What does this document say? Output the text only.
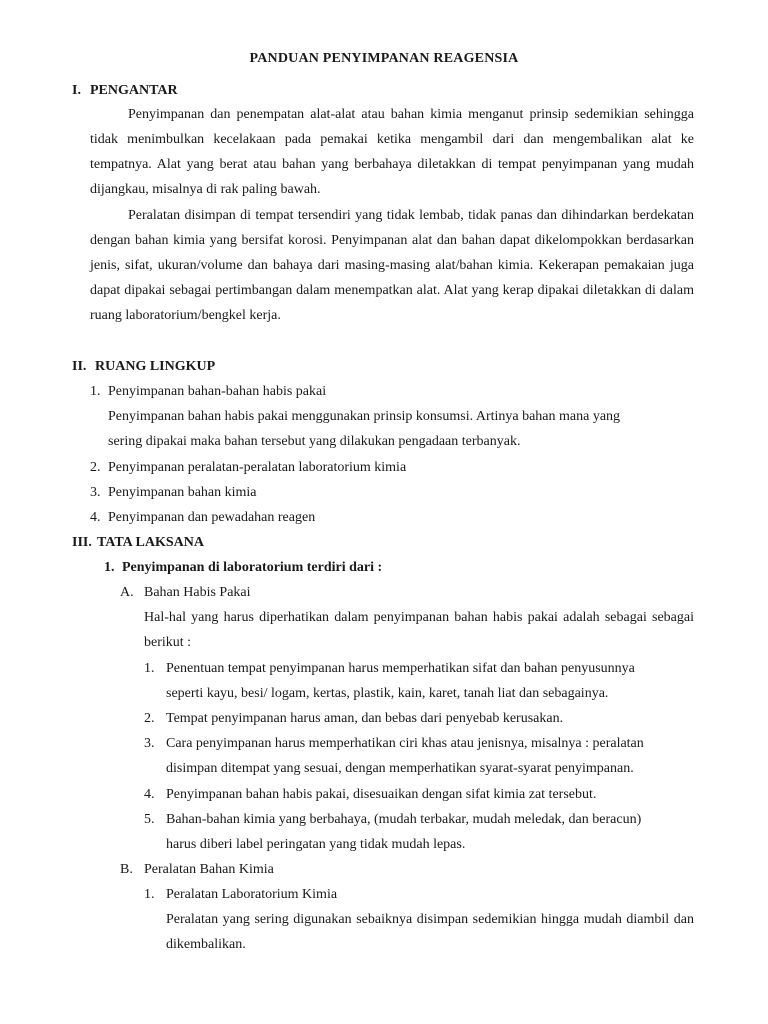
PANDUAN PENYIMPANAN REAGENSIA
I. PENGANTAR
Penyimpanan dan penempatan alat-alat atau bahan kimia menganut prinsip sedemikian sehingga tidak menimbulkan kecelakaan pada pemakai ketika mengambil dari dan mengembalikan alat ke tempatnya. Alat yang berat atau bahan yang berbahaya diletakkan di tempat penyimpanan yang mudah dijangkau, misalnya di rak paling bawah.
Peralatan disimpan di tempat tersendiri yang tidak lembab, tidak panas dan dihindarkan berdekatan dengan bahan kimia yang bersifat korosi. Penyimpanan alat dan bahan dapat dikelompokkan berdasarkan jenis, sifat, ukuran/volume dan bahaya dari masing-masing alat/bahan kimia. Kekerapan pemakaian juga dapat dipakai sebagai pertimbangan dalam menempatkan alat. Alat yang kerap dipakai diletakkan di dalam ruang laboratorium/bengkel kerja.
II. RUANG LINGKUP
1. Penyimpanan bahan-bahan habis pakai
Penyimpanan bahan habis pakai menggunakan prinsip konsumsi. Artinya bahan mana yang
sering dipakai maka bahan tersebut yang dilakukan pengadaan terbanyak.
2. Penyimpanan peralatan-peralatan laboratorium kimia
3. Penyimpanan bahan kimia
4. Penyimpanan dan pewadahan reagen
III. TATA LAKSANA
1. Penyimpanan di laboratorium terdiri dari :
A. Bahan Habis Pakai
Hal-hal yang harus diperhatikan dalam penyimpanan bahan habis pakai adalah sebagai sebagai berikut :
1. Penentuan tempat penyimpanan harus memperhatikan sifat dan bahan penyusunnya
seperti kayu, besi/ logam, kertas, plastik, kain, karet, tanah liat dan sebagainya.
2. Tempat penyimpanan harus aman, dan bebas dari penyebab kerusakan.
3. Cara penyimpanan harus memperhatikan ciri khas atau jenisnya, misalnya : peralatan
disimpan ditempat yang sesuai, dengan memperhatikan syarat-syarat penyimpanan.
4. Penyimpanan bahan habis pakai, disesuaikan dengan sifat kimia zat tersebut.
5. Bahan-bahan kimia yang berbahaya, (mudah terbakar, mudah meledak, dan beracun)
harus diberi label peringatan yang tidak mudah lepas.
B. Peralatan Bahan Kimia
1. Peralatan Laboratorium Kimia
Peralatan yang sering digunakan sebaiknya disimpan sedemikian hingga mudah diambil dan dikembalikan.
